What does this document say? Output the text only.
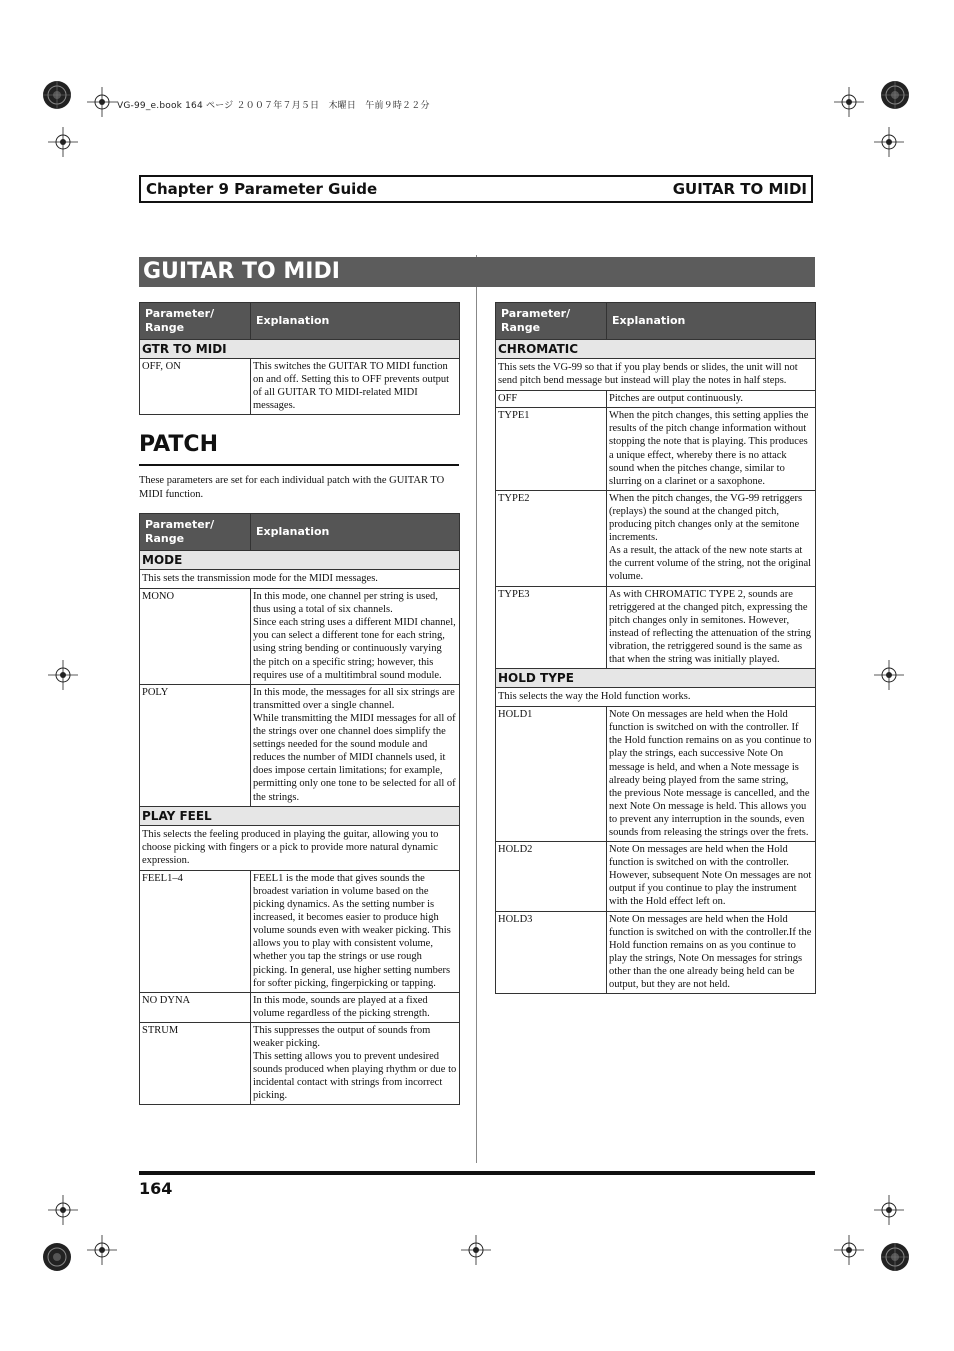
VG-99_e.book 164 ページ ２００７年７月５日　木曜日　午前９時２２分
Chapter 9 Parameter Guide	GUITAR TO MIDI
GUITAR TO MIDI
Parameter/
Range	Explanation
GTR TO MIDI	
OFF, ON	This switches the GUITAR TO MIDI function on and off. Setting this to OFF prevents output of all GUITAR TO MIDI-related MIDI messages.
PATCH
These parameters are set for each individual patch with the GUITAR TO MIDI function.
Parameter/
Range	Explanation
MODE	
This sets the transmission mode for the MIDI messages.	
MONO	In this mode, one channel per string is used, thus using a total of six channels.
Since each string uses a different MIDI channel, you can select a different tone for each string, using string bending or continuously varying the pitch on a specific string; however, this requires use of a multitimbral sound module.
POLY	In this mode, the messages for all six strings are transmitted over a single channel.
While transmitting the MIDI messages for all of the strings over one channel does simplify the settings needed for the sound module and reduces the number of MIDI channels used, it does impose certain limitations; for example, permitting only one tone to be selected for all of the strings.
PLAY FEEL	
This selects the feeling produced in playing the guitar, allowing you to choose picking with fingers or a pick to provide more natural dynamic expression.	
FEEL1–4	FEEL1 is the mode that gives sounds the broadest variation in volume based on the picking dynamics. As the setting number is increased, it becomes easier to produce high volume sounds even with weaker picking. This allows you to play with consistent volume, whether you tap the strings or use rough picking. In general, use higher setting numbers for softer picking, fingerpicking or tapping.
NO DYNA	In this mode, sounds are played at a fixed volume regardless of the picking strength.
STRUM	This suppresses the output of sounds from weaker picking.
This setting allows you to prevent undesired sounds produced when playing rhythm or due to incidental contact with strings from incorrect picking.
Parameter/
Range	Explanation
CHROMATIC	
This sets the VG-99 so that if you play bends or slides, the unit will not send pitch bend message but instead will play the notes in half steps.	
OFF	Pitches are output continuously.
TYPE1	When the pitch changes, this setting applies the results of the pitch change information without stopping the note that is playing. This produces a unique effect, whereby there is no attack sound when the pitches change, similar to slurring on a clarinet or a saxophone.
TYPE2	When the pitch changes, the VG-99 retriggers (replays) the sound at the changed pitch, producing pitch changes only at the semitone increments.
As a result, the attack of the new note starts at the current volume of the string, not the original volume.
TYPE3	As with CHROMATIC TYPE 2, sounds are retriggered at the changed pitch, expressing the pitch changes only in semitones. However, instead of reflecting the attenuation of the string vibration, the retriggered sound is the same as that when the string was initially played.
HOLD TYPE	
This selects the way the Hold function works.	
HOLD1	Note On messages are held when the Hold function is switched on with the controller. If the Hold function remains on as you continue to play the strings, each successive Note On message is held, and when a Note message is already being played from the same string,
the previous Note message is cancelled, and the next Note On message is held. This allows you to prevent any interruption in the sounds, even sounds from releasing the strings over the frets.
HOLD2	Note On messages are held when the Hold function is switched on with the controller. However, subsequent Note On messages are not output if you continue to play the instrument with the Hold effect left on.
HOLD3	Note On messages are held when the Hold function is switched on with the controller.If the Hold function remains on as you continue to play the strings, Note On messages for strings other than the one already being held can be output, but they are not held.
164
